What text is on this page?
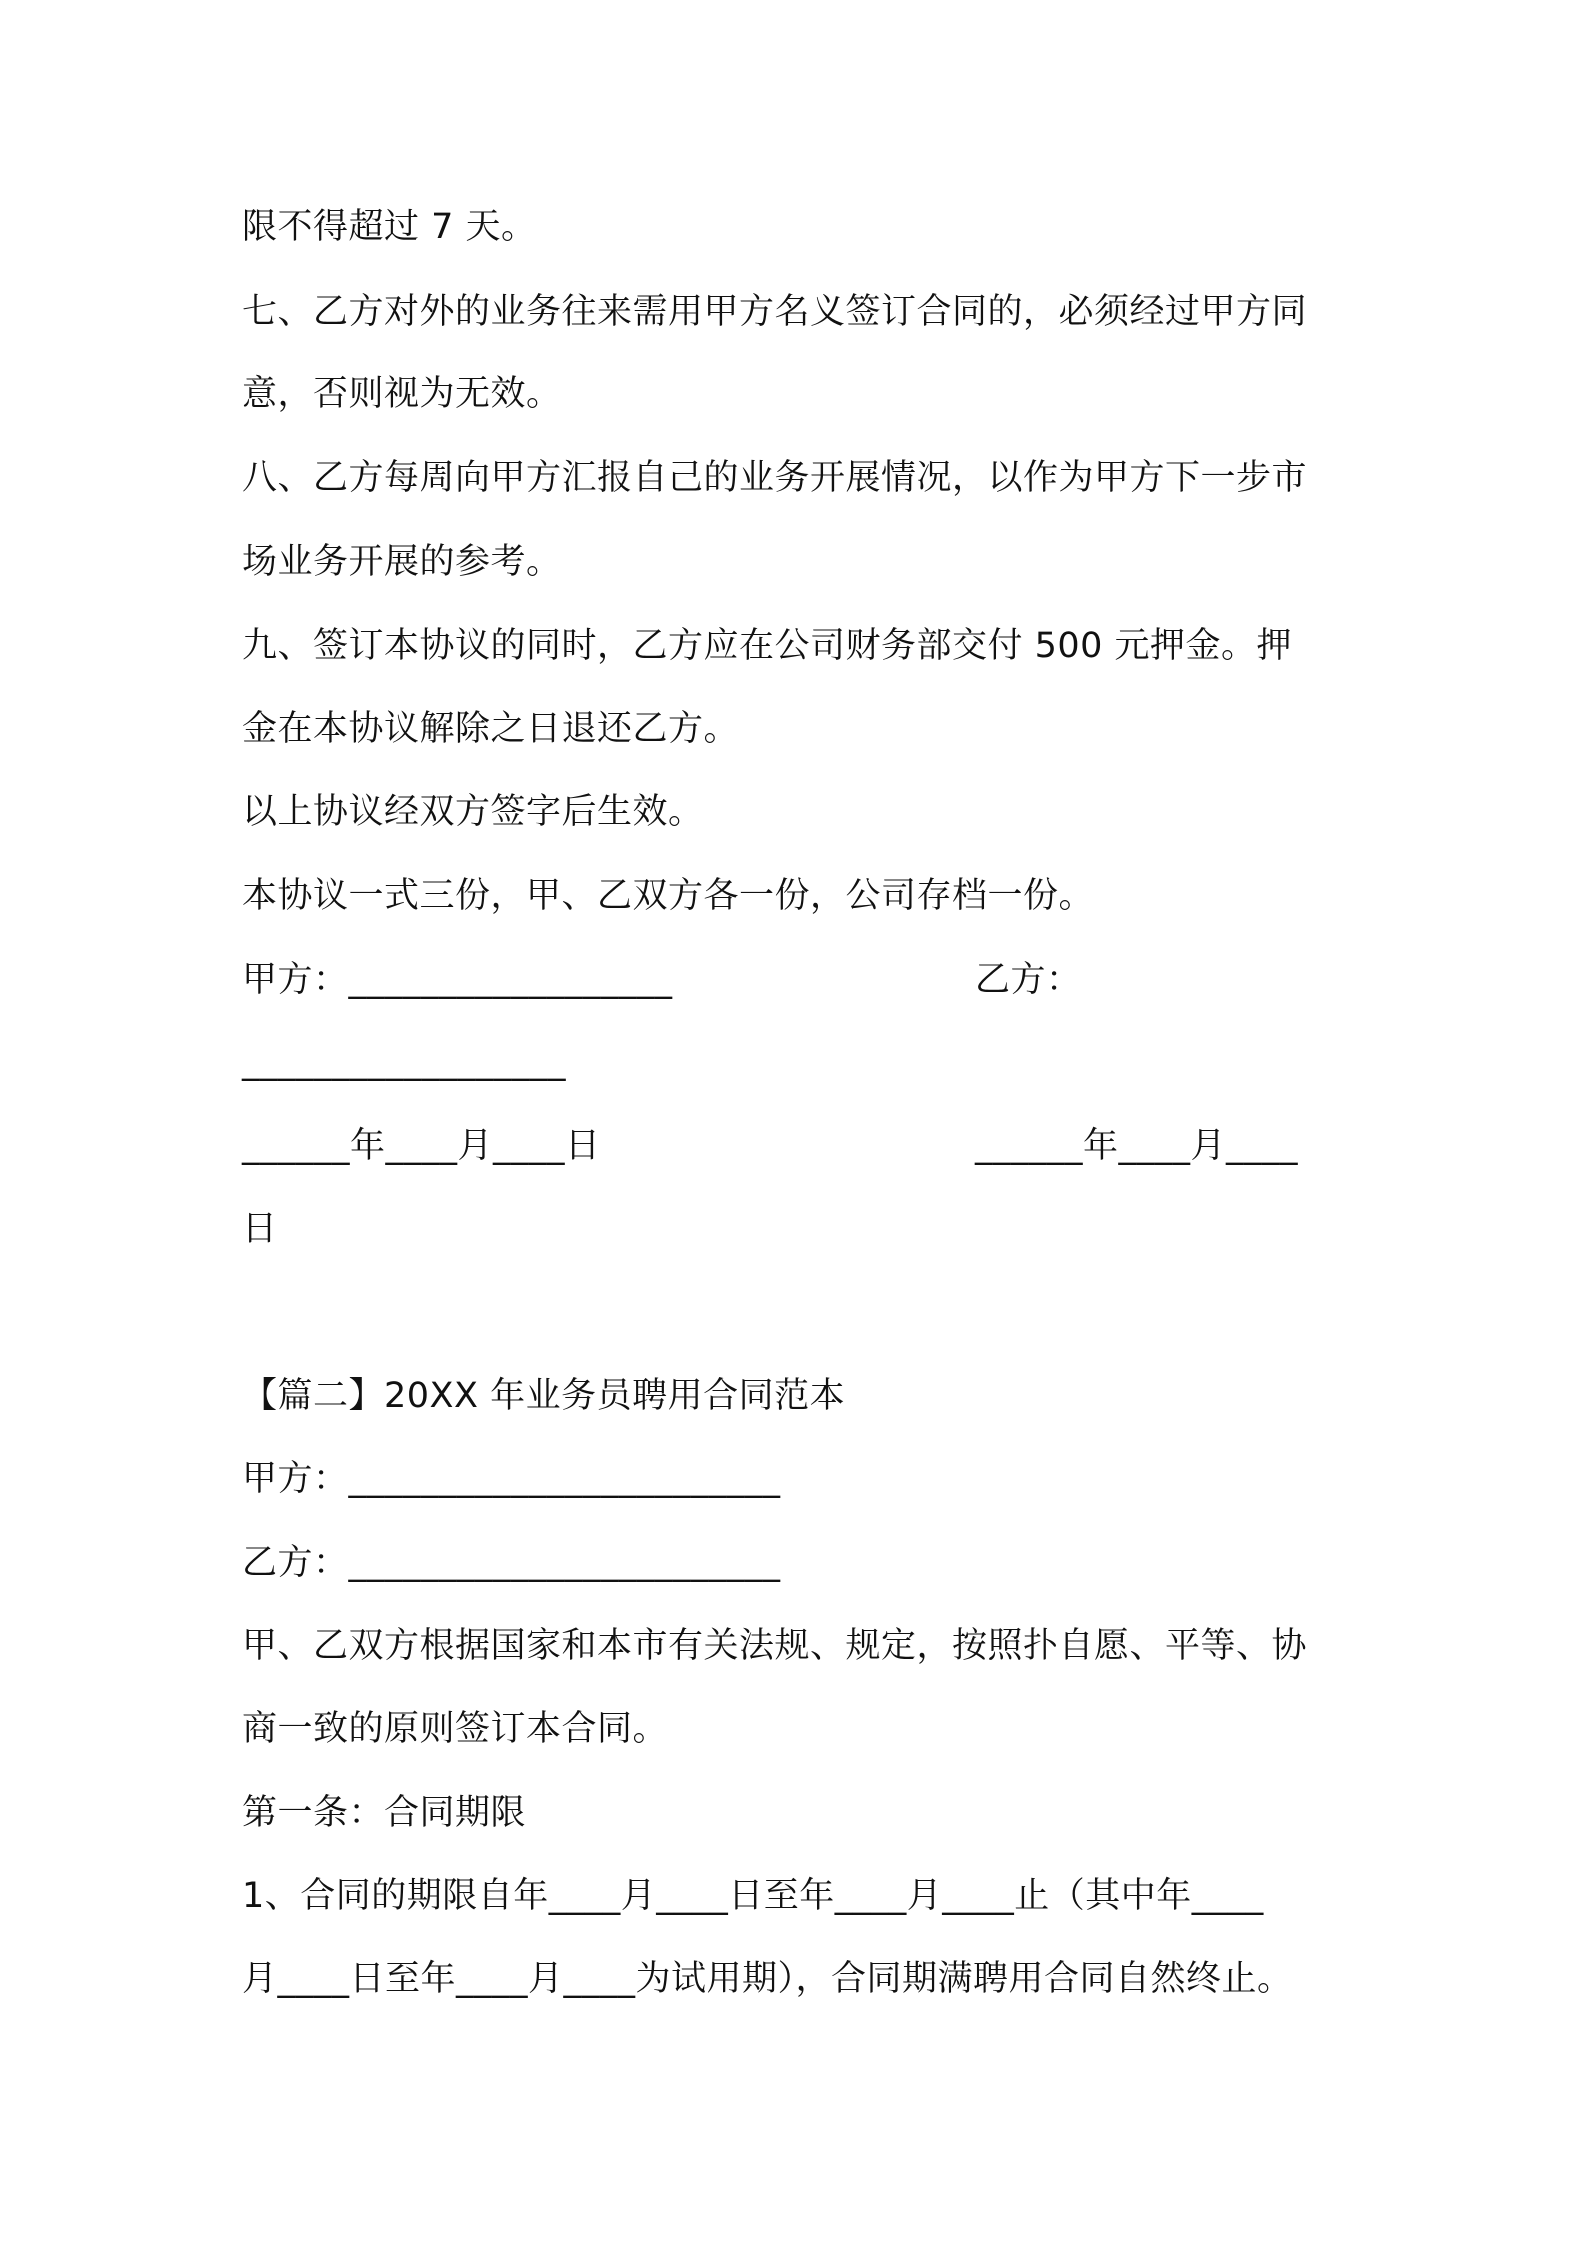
限不得超过 7 天。
七、乙方对外的业务往来需用甲方名义签订合同的，必须经过甲方同
意，否则视为无效。
八、乙方每周向甲方汇报自己的业务开展情况，以作为甲方下一步市
场业务开展的参考。
九、签订本协议的同时，乙方应在公司财务部交付 500 元押金。押
金在本协议解除之日退还乙方。
以上协议经双方签字后生效。
本协议一式三份，甲、乙双方各一份，公司存档一份。
甲方：__________________	乙方：
__________________
______年____月____日	______年____月____
日
【篇二】20XX 年业务员聘用合同范本
甲方：________________________
乙方：________________________
甲、乙双方根据国家和本市有关法规、规定，按照扑自愿、平等、协
商一致的原则签订本合同。
第一条：合同期限
1、合同的期限自年____月____日至年____月____止（其中年____
月____日至年____月____为试用期），合同期满聘用合同自然终止。
